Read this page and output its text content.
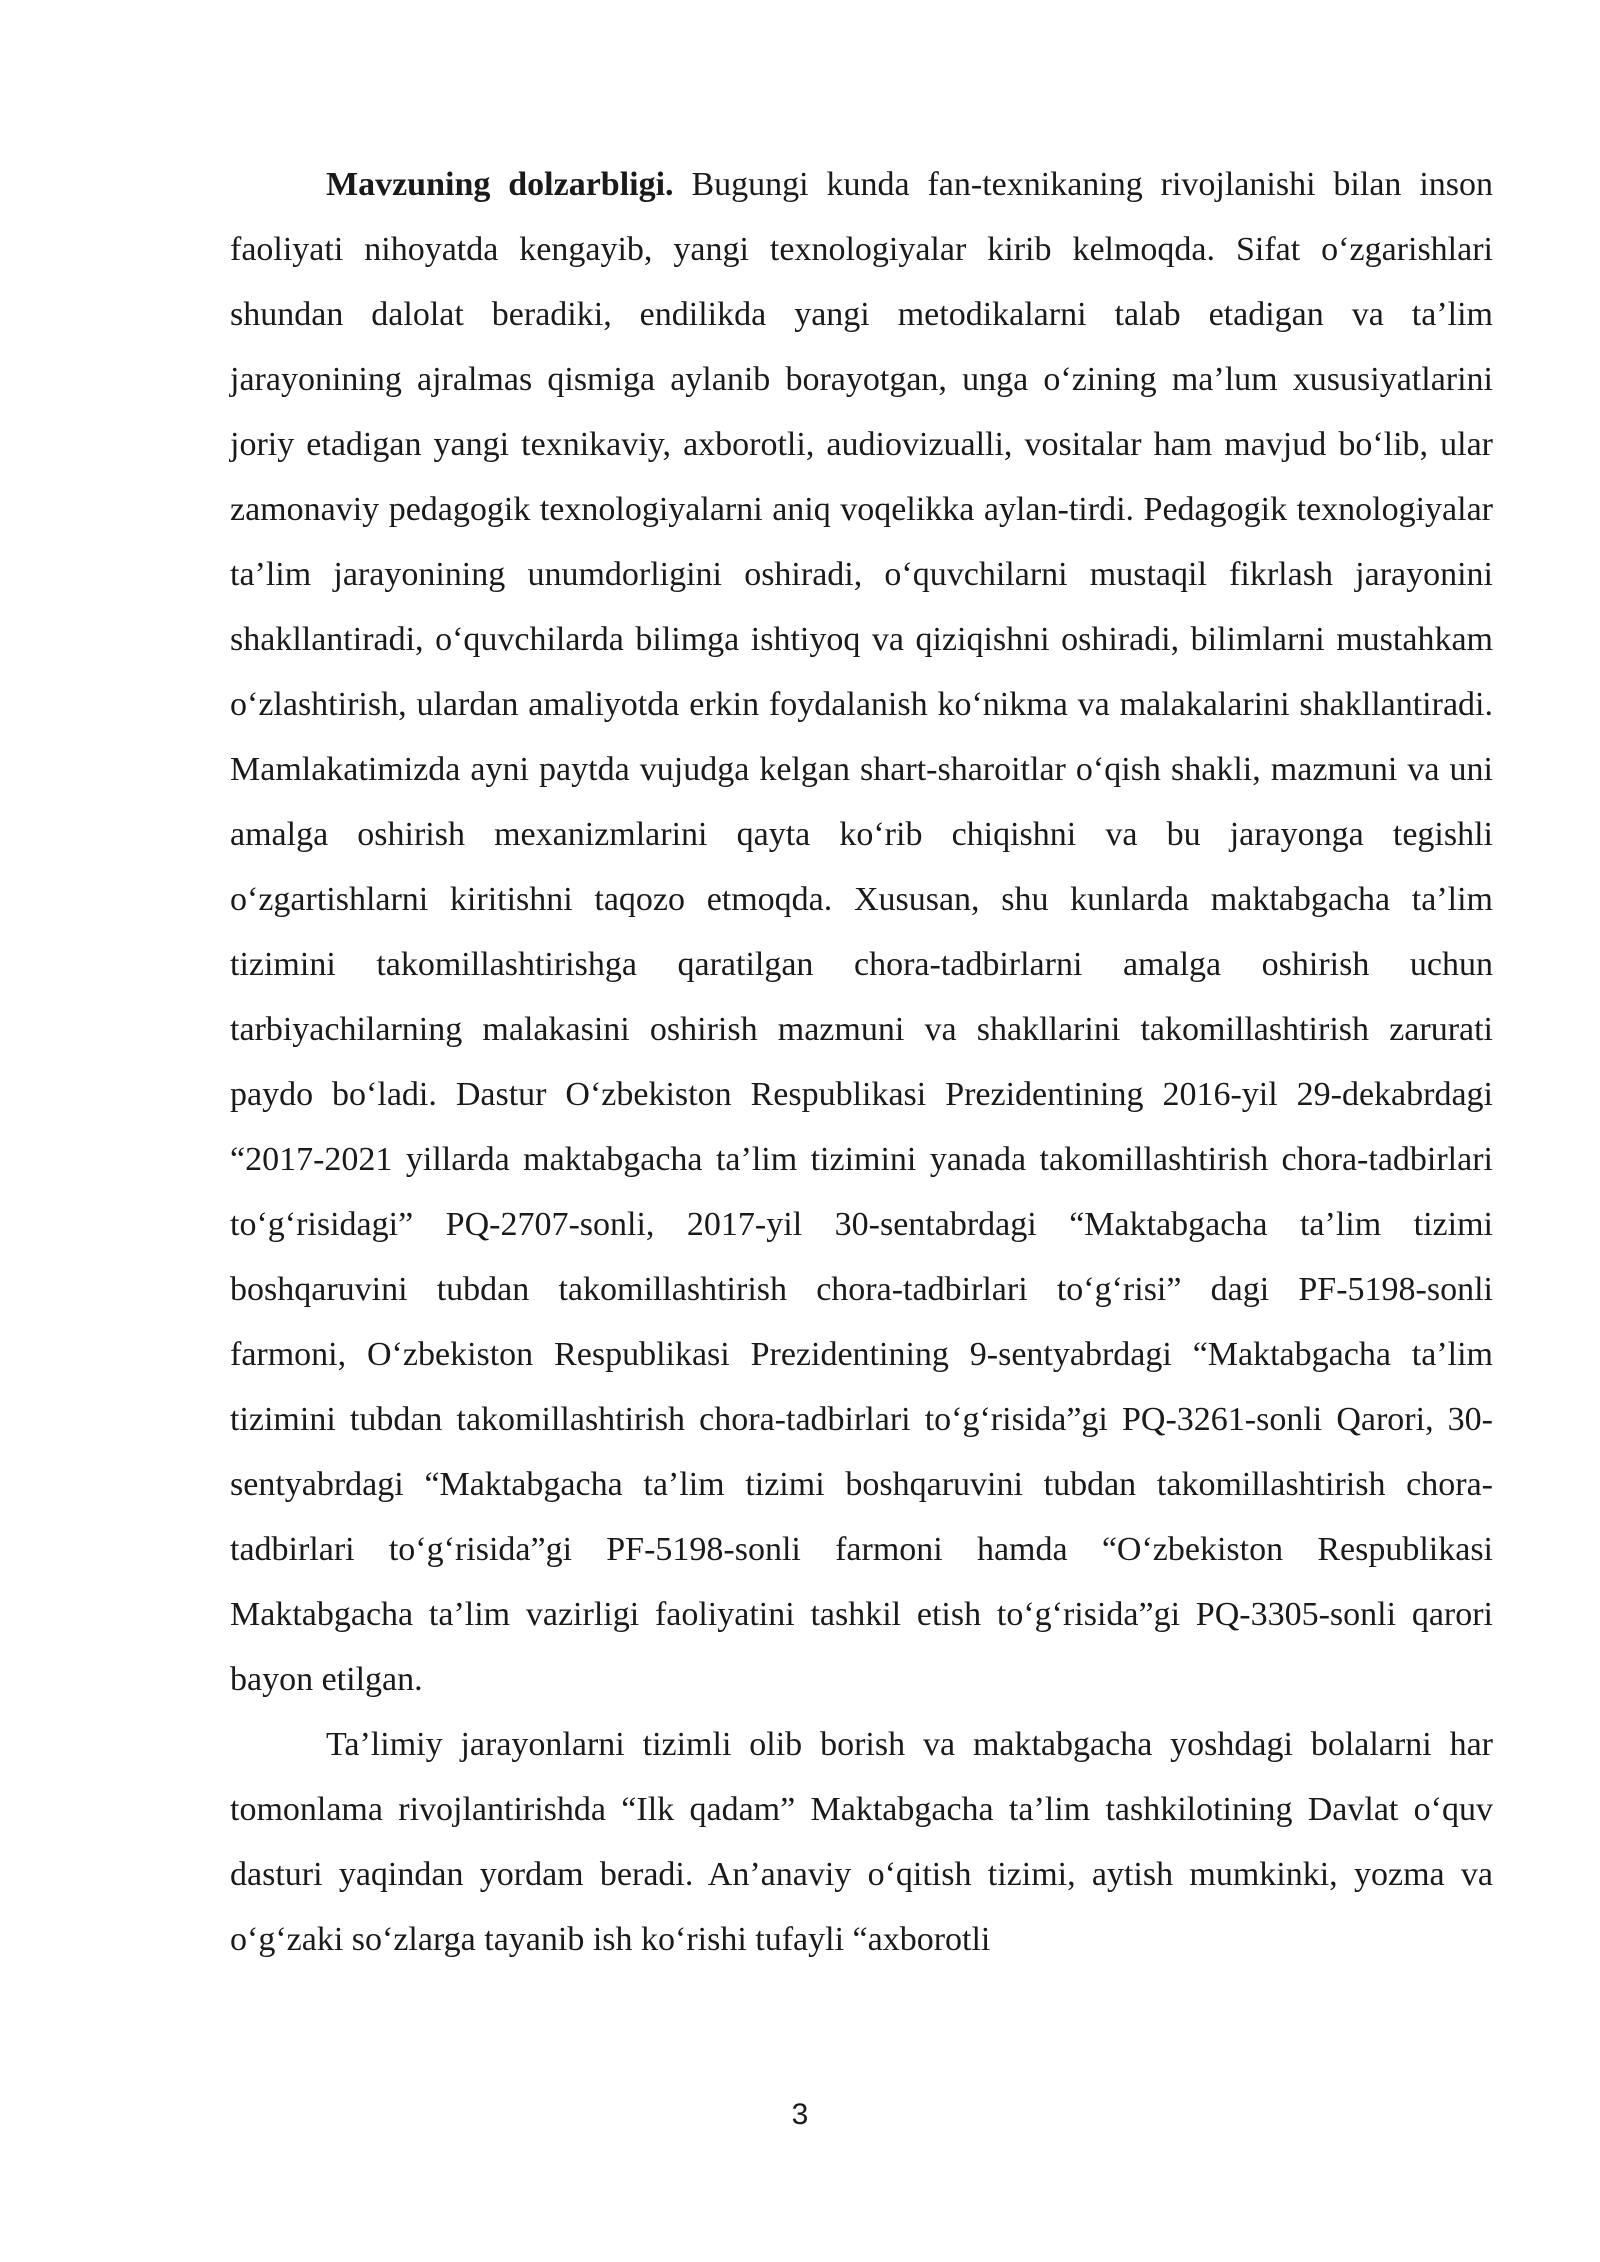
Mavzuning dolzarbligi. Bugungi kunda fan-texnikaning rivojlanishi bilan inson faoliyati nihoyatda kengayib, yangi texnologiyalar kirib kelmoqda. Sifat o‘zgarishlari shundan dalolat beradiki, endilikda yangi metodikalarni talab etadigan va ta’lim jarayonining ajralmas qismiga aylanib borayotgan, unga o‘zining ma’lum xususiyatlarini joriy etadigan yangi texnikaviy, axborotli, audiovizualli, vositalar ham mavjud bo‘lib, ular zamonaviy pedagogik texnologiyalarni aniq voqelikka aylan-tirdi. Pedagogik texnologiyalar ta’lim jarayonining unumdorligini oshiradi, o‘quvchilarni mustaqil fikrlash jarayonini shakllantiradi, o‘quvchilarda bilimga ishtiyoq va qiziqishni oshiradi, bilimlarni mustahkam o‘zlashtirish, ulardan amaliyotda erkin foydalanish ko‘nikma va malakalarini shakllantiradi. Mamlakatimizda ayni paytda vujudga kelgan shart-sharoitlar o‘qish shakli, mazmuni va uni amalga oshirish mexanizmlarini qayta ko‘rib chiqishni va bu jarayonga tegishli o‘zgartishlarni kiritishni taqozo etmoqda. Xususan, shu kunlarda maktabgacha ta’lim tizimini takomillashtirishga qaratilgan chora-tadbirlarni amalga oshirish uchun tarbiyachilarning malakasini oshirish mazmuni va shakllarini takomillashtirish zarurati paydo bo‘ladi. Dastur O‘zbekiston Respublikasi Prezidentining 2016-yil 29-dekabrdagi “2017-2021 yillarda maktabgacha ta’lim tizimini yanada takomillashtirish chora-tadbirlari to‘g‘risidagi” PQ-2707-sonli, 2017-yil 30-sentabrdagi “Maktabgacha ta’lim tizimi boshqaruvini tubdan takomillashtirish chora-tadbirlari to‘g‘risi” dagi PF-5198-sonli farmoni, O‘zbekiston Respublikasi Prezidentining 9-sentyabrdagi “Maktabgacha ta’lim tizimini tubdan takomillashtirish chora-tadbirlari to‘g‘risida”gi PQ-3261-sonli Qarori, 30-sentyabrdagi “Maktabgacha ta’lim tizimi boshqaruvini tubdan takomillashtirish chora-tadbirlari to‘g‘risida”gi PF-5198-sonli farmoni hamda “O‘zbekiston Respublikasi Maktabgacha ta’lim vazirligi faoliyatini tashkil etish to‘g‘risida”gi PQ-3305-sonli qarori bayon etilgan.

Ta’limiy jarayonlarni tizimli olib borish va maktabgacha yoshdagi bolalarni har tomonlama rivojlantirishda “Ilk qadam” Maktabgacha ta’lim tashkilotining Davlat o‘quv dasturi yaqindan yordam beradi. An’anaviy o‘qitish tizimi, aytish mumkinki, yozma va o‘g‘zaki so‘zlarga tayanib ish ko‘rishi tufayli “axborotli

3
